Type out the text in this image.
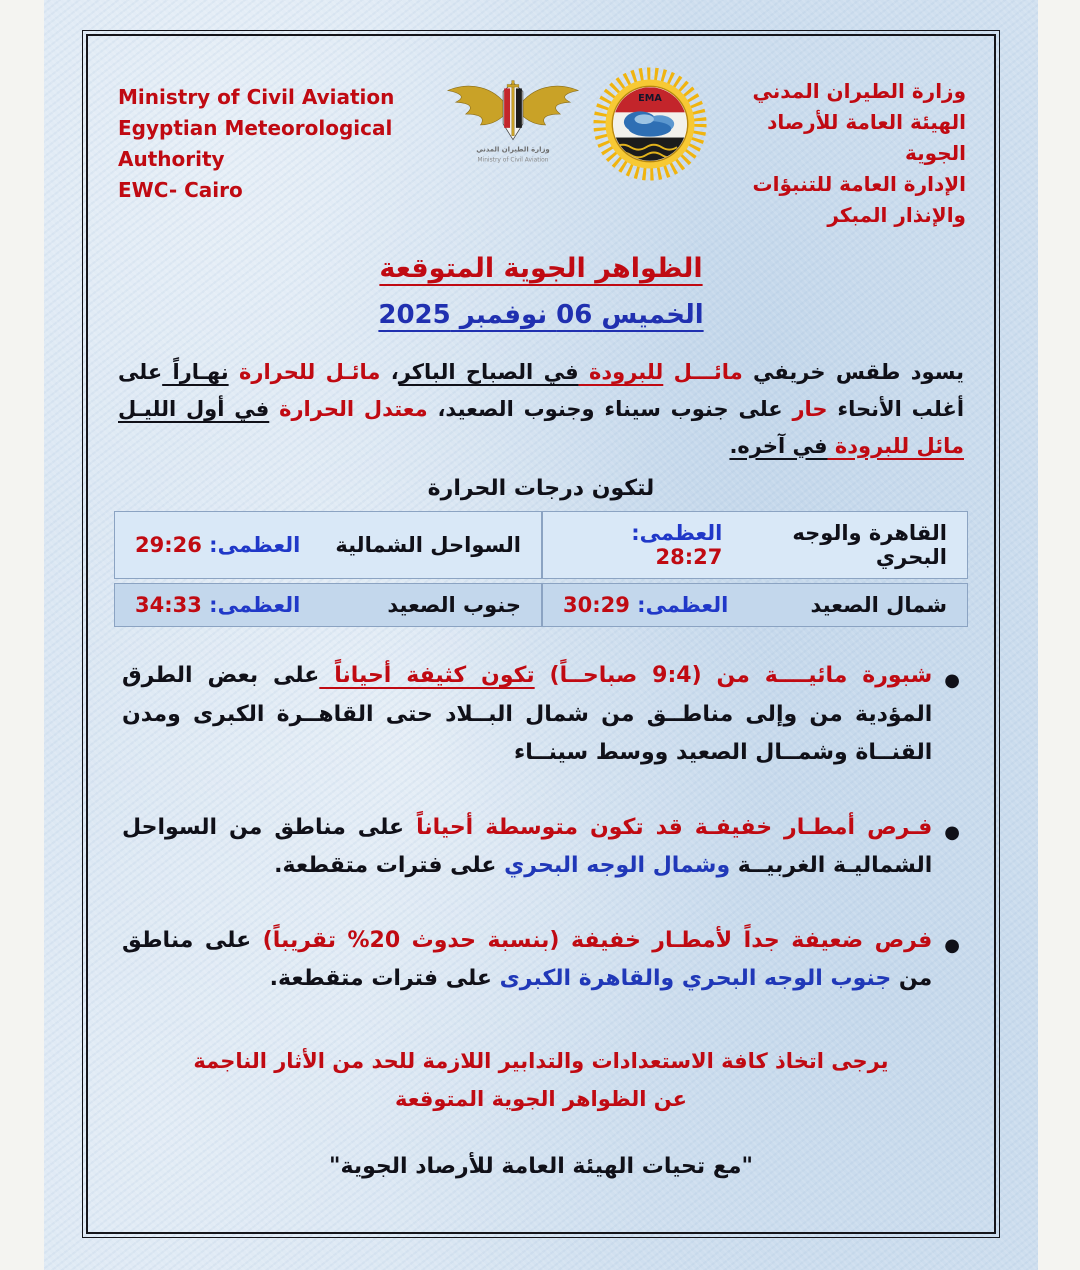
Ministry of Civil Aviation
Egyptian Meteorological Authority
EWC- Cairo
وزارة الطيران المدني
Ministry of Civil Aviation
EMA	وزارة الطيران المدني
الهيئة العامة للأرصاد الجوية
الإدارة العامة للتنبؤات والإنذار المبكر
الظواهر الجوية المتوقعة
الخميس 06 نوفمبر 2025
يسود طقس خريفي مائـــل للبرودة في الصباح الباكر، مائـل للحرارة نهـاراً على أغلب الأنحاء حار على جنوب سيناء وجنوب الصعيد، معتدل الحرارة في أول الليـل مائل للبرودة في آخره.
لتكون درجات الحرارة
القاهرة والوجه البحري
العظمى: 28:27
السواحل الشمالية
العظمى: 29:26
شمال الصعيد
العظمى: 30:29
جنوب الصعيد
العظمى: 34:33
●
شبورة مائيــــة من (9:4 صباحــاً) تكون كثيفة أحياناً على بعض الطرق المؤدية من وإلى مناطــق من شمال البــلاد حتى القاهــرة الكبرى ومدن القنــاة وشمــال الصعيد ووسط سينــاء
●
فـرص أمطـار خفيفـة قد تكون متوسطة أحياناً على مناطق من السواحل الشماليـة الغربيــة وشمال الوجه البحري على فترات متقطعة.
●
فرص ضعيفة جداً لأمطـار خفيفة (بنسبة حدوث 20% تقريباً) على مناطق من جنوب الوجه البحري والقاهرة الكبرى على فترات متقطعة.
يرجى اتخاذ كافة الاستعدادات والتدابير اللازمة للحد من الأثار الناجمة
عن الظواهر الجوية المتوقعة
"مع تحيات الهيئة العامة للأرصاد الجوية"
